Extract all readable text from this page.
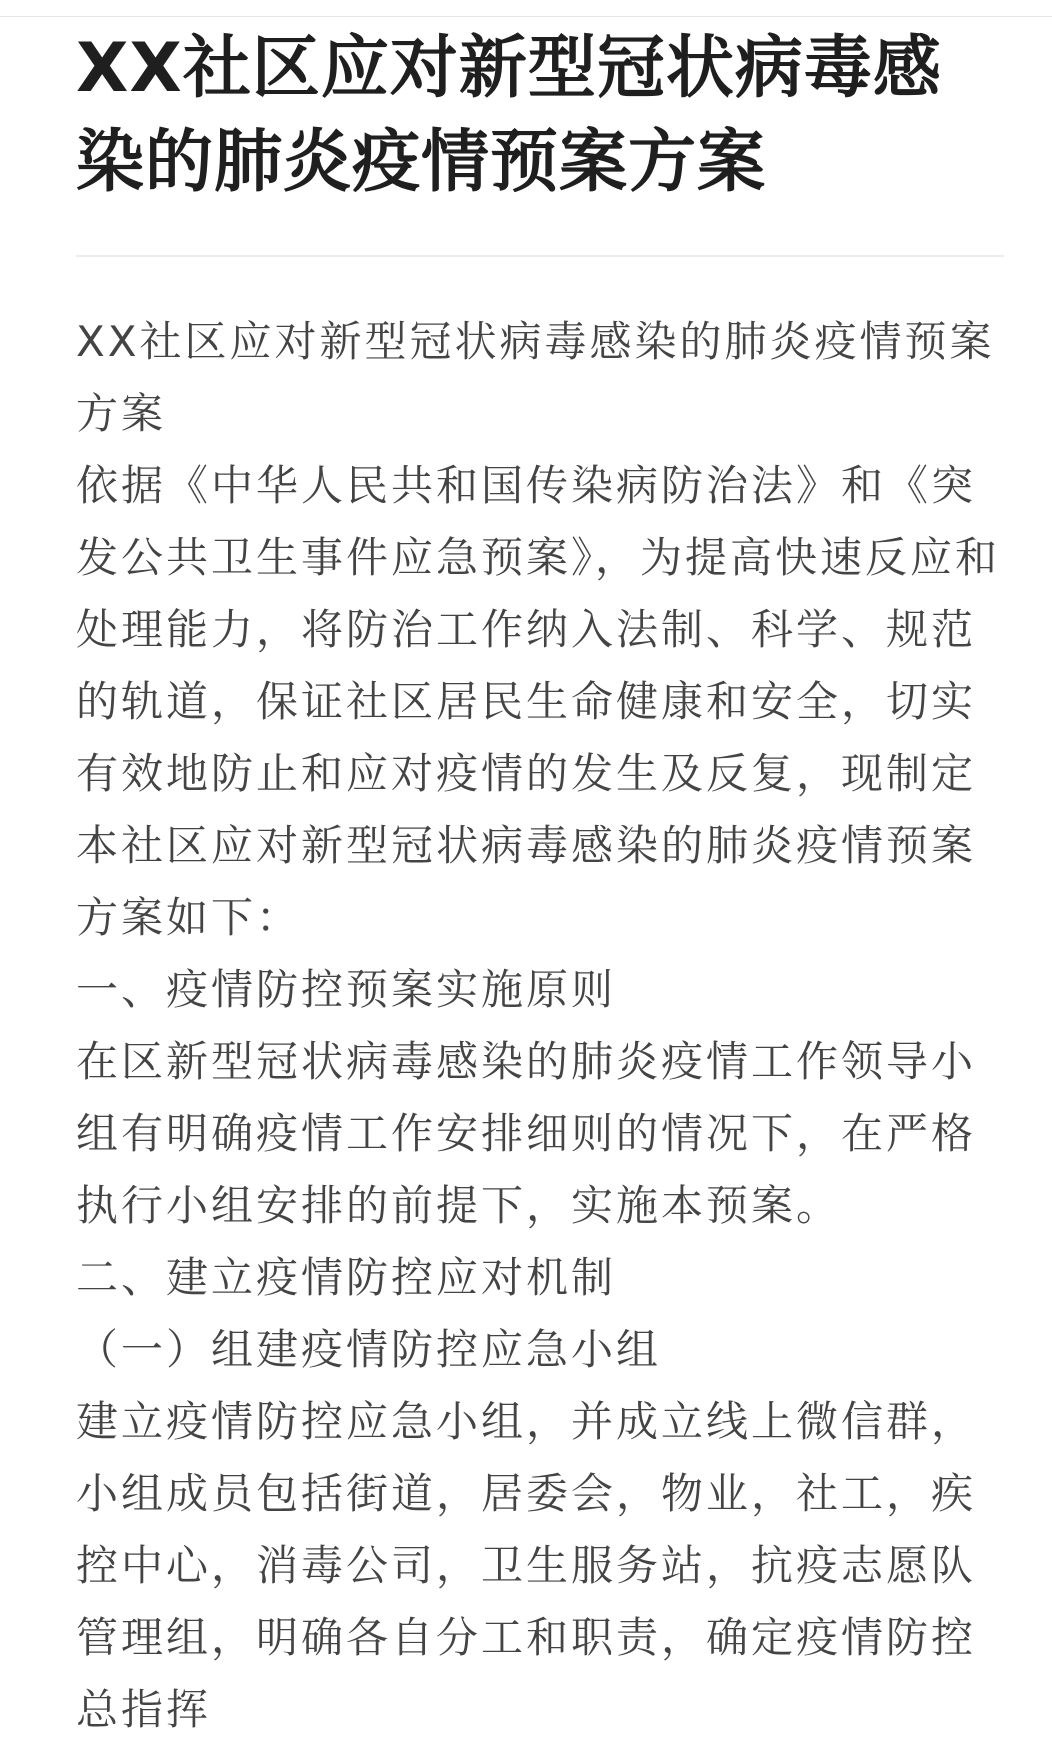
XX社区应对新型冠状病毒感染的肺炎疫情预案方案

XX社区应对新型冠状病毒感染的肺炎疫情预案方案

依据《中华人民共和国传染病防治法》和《突发公共卫生事件应急预案》，为提高快速反应和处理能力，将防治工作纳入法制、科学、规范的轨道，保证社区居民生命健康和安全，切实有效地防止和应对疫情的发生及反复，现制定本社区应对新型冠状病毒感染的肺炎疫情预案方案如下：

一、疫情防控预案实施原则

在区新型冠状病毒感染的肺炎疫情工作领导小组有明确疫情工作安排细则的情况下，在严格执行小组安排的前提下，实施本预案。

二、建立疫情防控应对机制

（一）组建疫情防控应急小组

建立疫情防控应急小组，并成立线上微信群，小组成员包括街道，居委会，物业，社工，疾控中心，消毒公司，卫生服务站，抗疫志愿队管理组，明确各自分工和职责，确定疫情防控总指挥
